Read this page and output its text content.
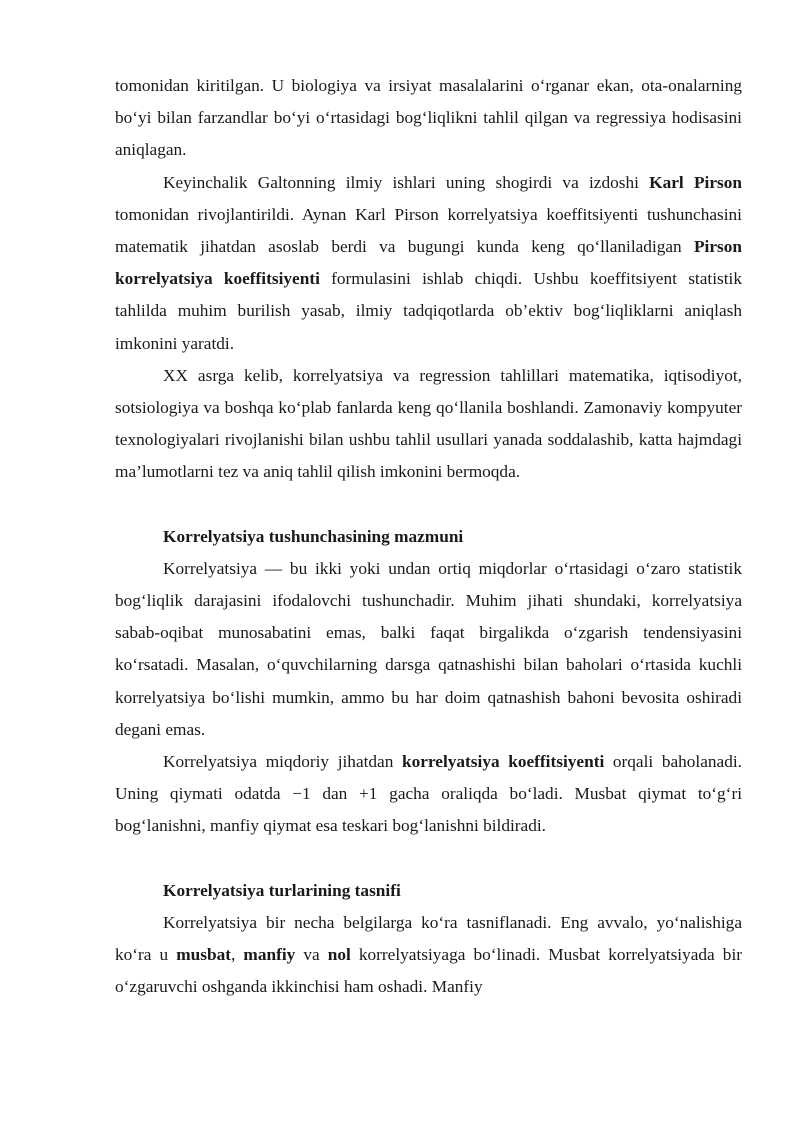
tomonidan kiritilgan. U biologiya va irsiyat masalalarini o‘rganar ekan, ota-onalarning bo‘yi bilan farzandlar bo‘yi o‘rtasidagi bog‘liqlikni tahlil qilgan va regressiya hodisasini aniqlagan.

Keyinchalik Galtonning ilmiy ishlari uning shogirdi va izdoshi Karl Pirson tomonidan rivojlantirildi. Aynan Karl Pirson korrelyatsiya koeffitsiyenti tushunchasini matematik jihatdan asoslab berdi va bugungi kunda keng qo‘llaniladigan Pirson korrelyatsiya koeffitsiyenti formulasini ishlab chiqdi. Ushbu koeffitsiyent statistik tahlilda muhim burilish yasab, ilmiy tadqiqotlarda ob’ektiv bog‘liqliklarni aniqlash imkonini yaratdi.

XX asrga kelib, korrelyatsiya va regression tahlillari matematika, iqtisodiyot, sotsiologiya va boshqa ko‘plab fanlarda keng qo‘llanila boshlandi. Zamonaviy kompyuter texnologiyalari rivojlanishi bilan ushbu tahlil usullari yanada soddalashib, katta hajmdagi ma’lumotlarni tez va aniq tahlil qilish imkonini bermoqda.

Korrelyatsiya tushunchasining mazmuni

Korrelyatsiya — bu ikki yoki undan ortiq miqdorlar o‘rtasidagi o‘zaro statistik bog‘liqlik darajasini ifodalovchi tushunchadir. Muhim jihati shundaki, korrelyatsiya sabab-oqibat munosabatini emas, balki faqat birgalikda o‘zgarish tendensiyasini ko‘rsatadi. Masalan, o‘quvchilarning darsga qatnashishi bilan baholari o‘rtasida kuchli korrelyatsiya bo‘lishi mumkin, ammo bu har doim qatnashish bahoni bevosita oshiradi degani emas.

Korrelyatsiya miqdoriy jihatdan korrelyatsiya koeffitsiyenti orqali baholanadi. Uning qiymati odatda −1 dan +1 gacha oraliqda bo‘ladi. Musbat qiymat to‘g‘ri bog‘lanishni, manfiy qiymat esa teskari bog‘lanishni bildiradi.

Korrelyatsiya turlarining tasnifi

Korrelyatsiya bir necha belgilarga ko‘ra tasniflanadi. Eng avvalo, yo‘nalishiga ko‘ra u musbat, manfiy va nol korrelyatsiyaga bo‘linadi. Musbat korrelyatsiyada bir o‘zgaruvchi oshganda ikkinchisi ham oshadi. Manfiy
